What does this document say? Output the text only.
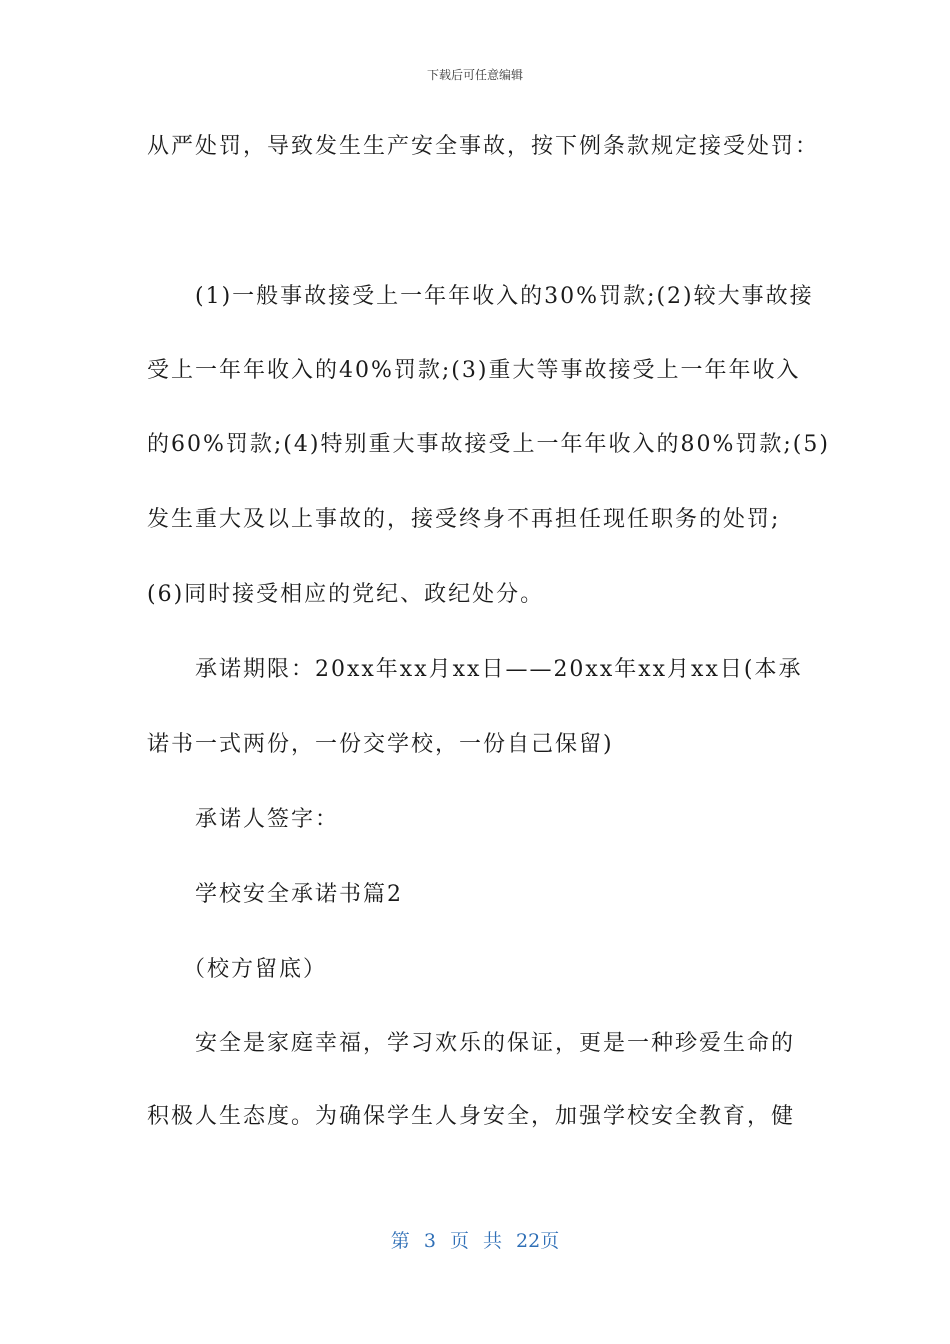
下载后可任意编辑
从严处罚，导致发生生产安全事故，按下例条款规定接受处罚：
(1)一般事故接受上一年年收入的30%罚款;(2)较大事故接
受上一年年收入的40%罚款;(3)重大等事故接受上一年年收入
的60%罚款;(4)特别重大事故接受上一年年收入的80%罚款;(5)
发生重大及以上事故的，接受终身不再担任现任职务的处罚;
(6)同时接受相应的党纪、政纪处分。
承诺期限：20xx年xx月xx日——20xx年xx月xx日(本承
诺书一式两份，一份交学校，一份自己保留)
承诺人签字：
学校安全承诺书篇2
（校方留底）
安全是家庭幸福，学习欢乐的保证，更是一种珍爱生命的
积极人生态度。为确保学生人身安全，加强学校安全教育，健
第 3 页 共 22页
